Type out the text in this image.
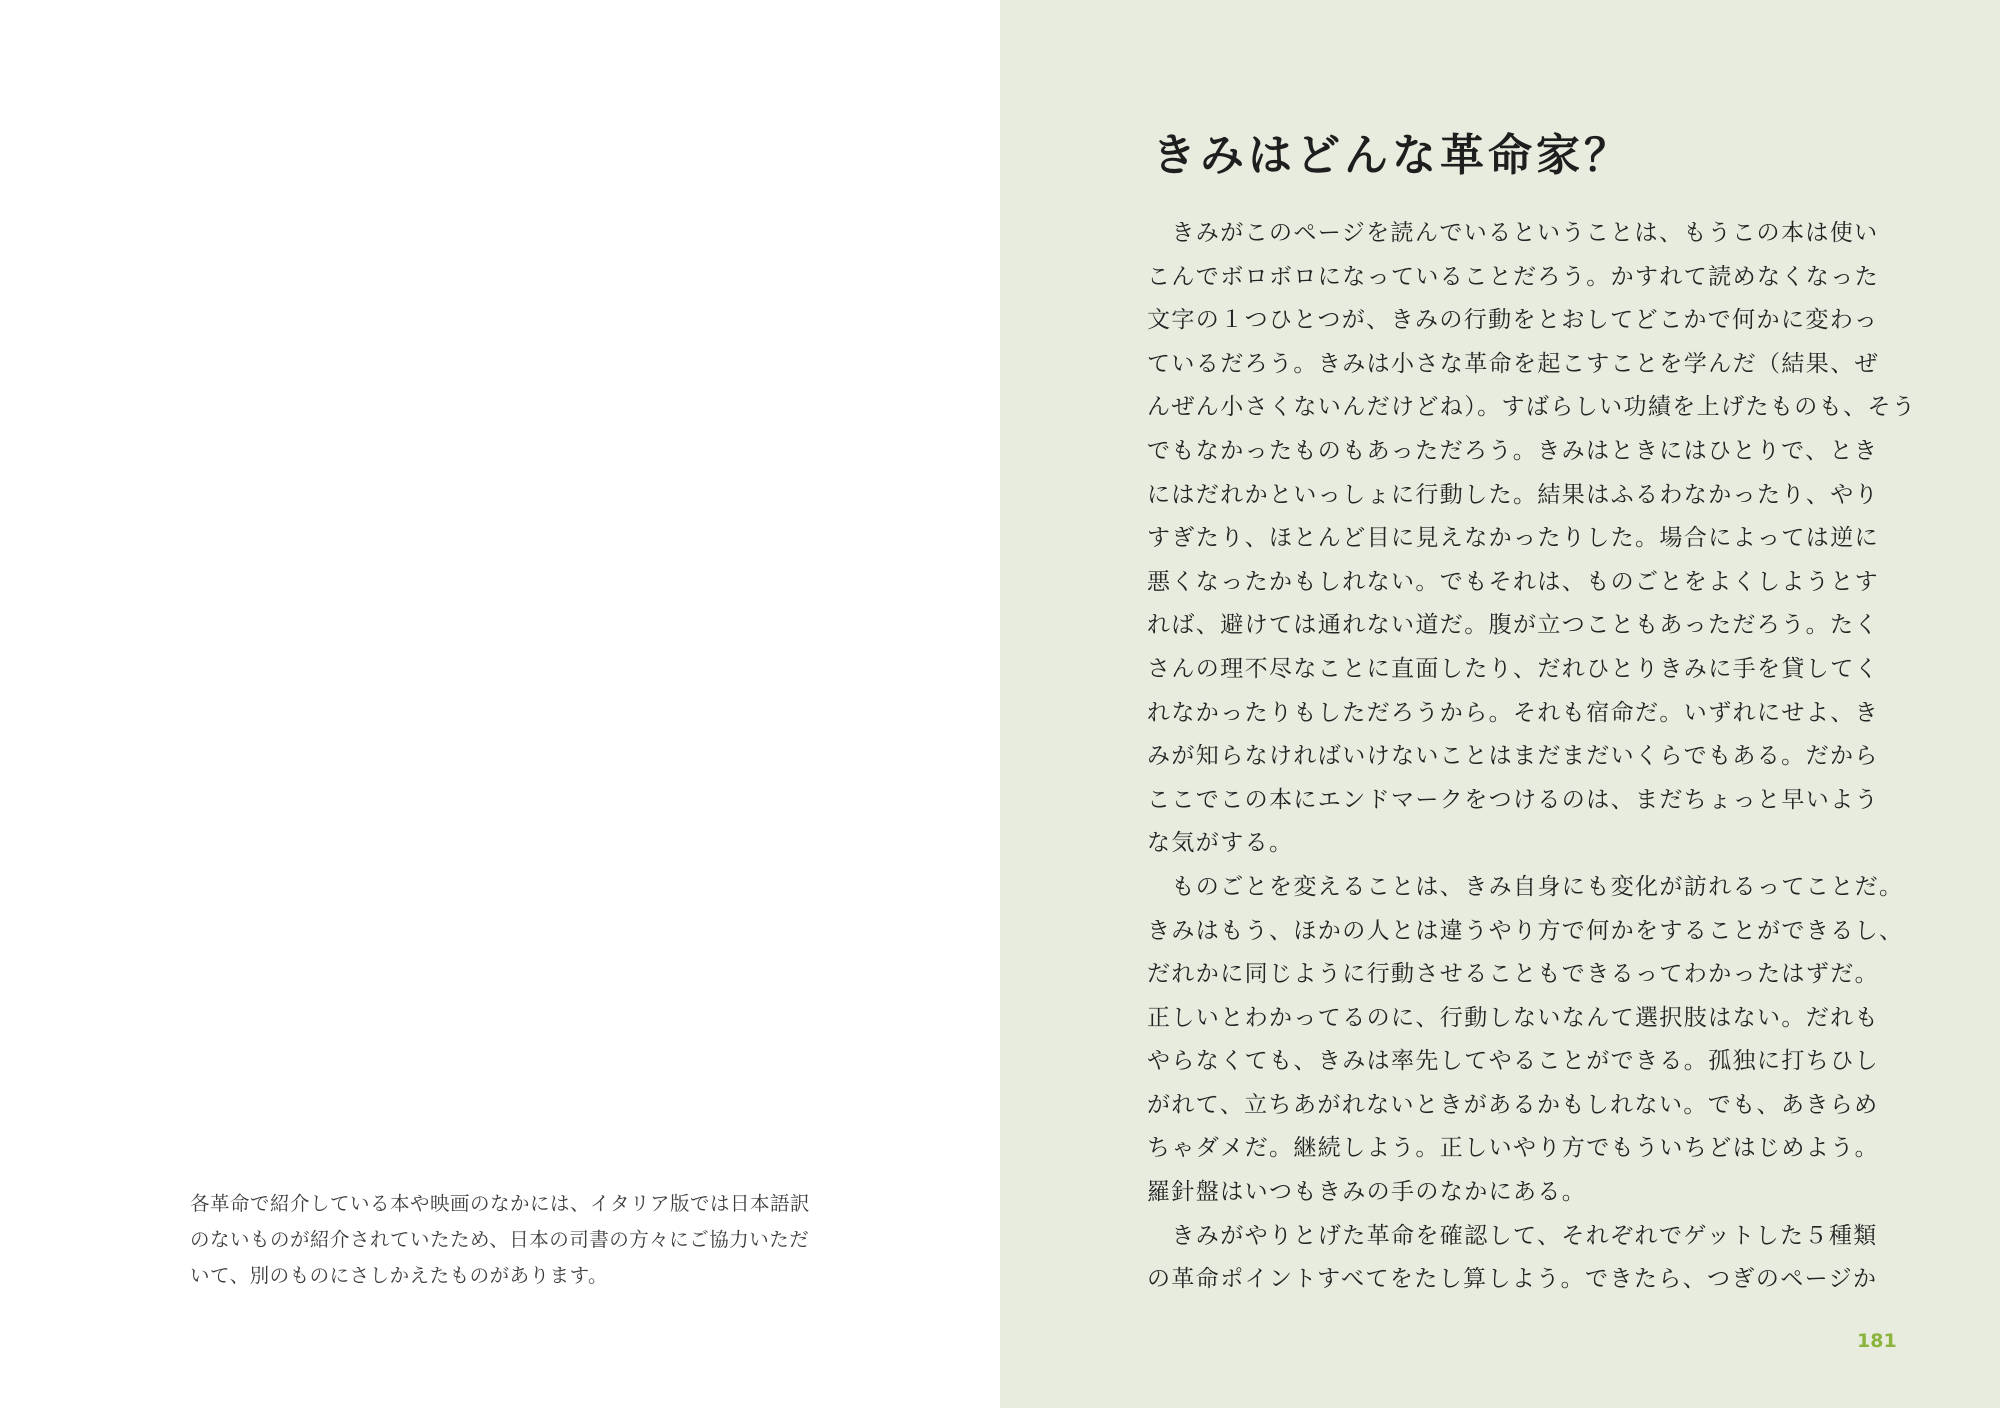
各革命で紹介している本や映画のなかには、イタリア版では日本語訳
のないものが紹介されていたため、日本の司書の方々にご協力いただ
いて、別のものにさしかえたものがあります。
きみはどんな革命家？
　きみがこのページを読んでいるということは、もうこの本は使い
こんでボロボロになっていることだろう。かすれて読めなくなった
文字の１つひとつが、きみの行動をとおしてどこかで何かに変わっ
ているだろう。きみは小さな革命を起こすことを学んだ（結果、ぜ
んぜん小さくないんだけどね）。すばらしい功績を上げたものも、そう
でもなかったものもあっただろう。きみはときにはひとりで、とき
にはだれかといっしょに行動した。結果はふるわなかったり、やり
すぎたり、ほとんど目に見えなかったりした。場合によっては逆に
悪くなったかもしれない。でもそれは、ものごとをよくしようとす
れば、避けては通れない道だ。腹が立つこともあっただろう。たく
さんの理不尽なことに直面したり、だれひとりきみに手を貸してく
れなかったりもしただろうから。それも宿命だ。いずれにせよ、き
みが知らなければいけないことはまだまだいくらでもある。だから
ここでこの本にエンドマークをつけるのは、まだちょっと早いよう
な気がする。
　ものごとを変えることは、きみ自身にも変化が訪れるってことだ。
きみはもう、ほかの人とは違うやり方で何かをすることができるし、
だれかに同じように行動させることもできるってわかったはずだ。
正しいとわかってるのに、行動しないなんて選択肢はない。だれも
やらなくても、きみは率先してやることができる。孤独に打ちひし
がれて、立ちあがれないときがあるかもしれない。でも、あきらめ
ちゃダメだ。継続しよう。正しいやり方でもういちどはじめよう。
羅針盤はいつもきみの手のなかにある。
　きみがやりとげた革命を確認して、それぞれでゲットした５種類
の革命ポイントすべてをたし算しよう。できたら、つぎのページか
181
